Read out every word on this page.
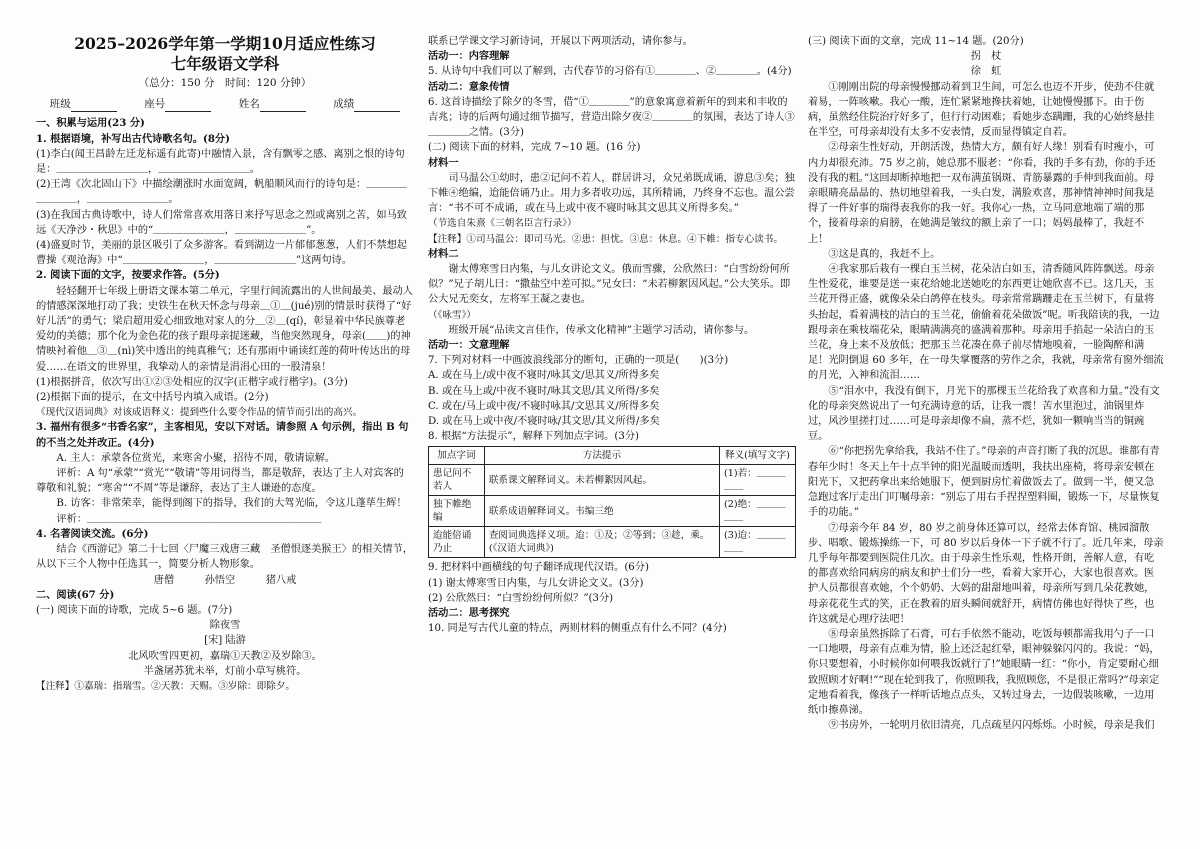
2025–2026学年第一学期10月适应性练习

七年级语文学科

（总分：150 分　时间：120 分钟）

班级	座号	姓名	成绩

一、积累与运用(23 分)

1. 根据语境，补写出古代诗歌名句。(8分)

(1)李白(闻王昌龄左迁龙标遥有此寄)中融情入景，含有飘零之感、离别之恨的诗句是：＿＿＿＿＿＿＿＿＿，＿＿＿＿＿＿＿＿＿。

(2)王湾《次北固山下》中描绘潮涨时水面宽阔，帆船顺风而行的诗句是：＿＿＿＿＿＿＿＿，＿＿＿＿＿＿＿＿。

(3)在我国古典诗歌中，诗人们常常喜欢用落日来抒写思念之烈或离别之苦，如马致远《天净沙・秋思》中的“＿＿＿＿＿＿＿，＿＿＿＿＿＿＿”。

(4)盛夏时节，美丽的景区吸引了众多游客。看到湖边一片郁郁葱葱，人们不禁想起曹操《观沧海》中“＿＿＿＿＿＿＿＿，＿＿＿＿＿＿＿＿”这两句诗。

2. 阅读下面的文字，按要求作答。(5分)

轻轻翻开七年级上册语文课本第二单元，字里行间流露出的人世间最美、最动人的情感深深地打动了我；史铁生在秋天怀念与母亲＿①＿(jué)别的情景时获得了“好好儿活”的勇气；梁启超用爱心细致地对家人的分＿②＿(qí)，彰显着中华民族尊老爱幼的美德；那个化为金色花的孩子跟母亲捉迷藏，当他突然现身，母亲(＿＿)的神情映衬着他＿③＿(nì)笑中透出的纯真稚气；还有那雨中诵读红莲的荷叶传达出的母爱……在语文的世界里，我挚动人的亲情是涓涓心田的一股清泉！

(1)根据拼音，依次写出①②③处相应的汉字(正楷字或行楷字)。(3分)

(2)根据下面的提示，在文中括号内填入成语。(2分)

《现代汉语词典》对该成语释义：提到些什么要令作品的情节而引出的高兴。

3. 福州有很多“书香名家”，主客相见，安以下对话。请参照 A 句示例，指出 B 句的不当之处并改正。(4分)

A. 主人：承蒙各位赏光，来寒舍小聚，招待不周，敬请谅解。

评析：A 句“承蒙”“赏光”“敬请”等用词得当，都是敬辞，表达了主人对宾客的尊敬和礼貌；“寒舍”“不周”等是谦辞，表达了主人谦逊的态度。

B. 访客：非常荣幸，能得到阁下的指导，我们的大驾光临，令这儿蓬荜生辉！

评析：＿＿＿＿＿＿＿＿＿＿＿＿＿＿＿＿＿＿＿＿＿＿＿

4. 名著阅读交流。(6分)

结合《西游记》第二十七回〈尸魔三戏唐三藏　圣僧恨逐美猴王〉的相关情节，从以下三个人物中任选其一，简要分析人物形象。

唐僧　　　孙悟空　　　猪八戒

二、阅读(67 分)

(一) 阅读下面的诗歌，完成 5~6 题。(7分)

除夜雪

[宋] 陆游

北风吹雪四更初，嘉瑞①天教②及岁除③。

半盏屠苏犹未举，灯前小草写桃符。

【注释】①嘉瑞：指瑞雪。②天教：天赐。③岁除：即除夕。

联系已学课文学习新诗词，开展以下两项活动，请你参与。

活动一：内容理解

5. 从诗句中我们可以了解到，古代春节的习俗有①＿＿＿＿、②＿＿＿＿。(4分)

活动二：意象传情

6. 这首诗描绘了除夕的冬雪，借“①＿＿＿＿”的意象寓意着新年的到来和丰收的吉兆；诗的后两句通过细节描写，营造出除夕夜②＿＿＿＿的氛围，表达了诗人③＿＿＿＿之情。(3分)

(二) 阅读下面的材料，完成 7~10 题。(16 分)

材料一

司马温公①幼时，患②记问不若人，群居讲习，众兄弟既成诵，游息③矣；独下帷④绝编，迨能倍诵乃止。用力多者收功远，其所精诵，乃终身不忘也。温公尝言：“书不可不成诵，或在马上或中夜不寝时咏其文思其义所得多矣。”

（节选自朱熹《三朝名臣言行录》）

【注释】①司马温公：即司马光。②患：担忧。③息：休息。④下帷：指专心读书。

材料二

谢太傅寒雪日内集，与儿女讲论文义。俄而雪骤，公欣然曰：“白雪纷纷何所似？”兄子胡儿曰：“撒盐空中差可拟。”兄女曰：“未若柳絮因风起。”公大笑乐。即公大兄无奕女，左将军王凝之妻也。

（《咏雪》）

班级开展“品读文言佳作，传承文化精神”主题学习活动，请你参与。

活动一：文意理解

7. 下列对材料一中画波浪线部分的断句，正确的一项是(　　)(3分)

A. 或在马上/或中夜不寝时/咏其文/思其义/所得多矣

B. 或在马上或/中夜不寝时/咏其文思/其义所得/多矣

C. 或在/马上或中夜/不寝时咏其/文思其义/所得多矣

D. 或在马上或中夜/不寝时咏/其文思/其义所得/多矣

8. 根据“方法提示”，解释下列加点字词。(3分)

加点字词	方法提示	释义(填写文字)
患记问不若人	联系课文解释词义。未若柳絮因风起。	(1)若：＿＿＿＿＿
独下帷绝编	联系成语解释词义。韦编三绝	(2)绝：＿＿＿＿＿
迨能倍诵乃止	查阅词典选择义项。迨：①及；②等到；③趁，乘。(《汉语大词典》)	(3)迨：＿＿＿＿＿

9. 把材料中画横线的句子翻译成现代汉语。(6分)

(1) 谢太傅寒雪日内集，与儿女讲论文义。(3分)

(2) 公欣然曰：“白雪纷纷何所似？”(3分)

活动二：思考探究

10. 同是写古代儿童的特点，两则材料的侧重点有什么不同？(4分)

(三) 阅读下面的文章，完成 11~14 题。(20分)

拐　杖

徐　虹

①刚刚出院的母亲慢慢挪动着到卫生间，可怎么也迈不开步，使劲不住就着易，一阵咳嗽。我心一酸，连忙紧紧地搀扶着她，让她慢慢挪下。由于伤病，虽然经住院治疗好多了，但行行动困难；看她步态蹒跚，我的心始终悬挂在半空，可母亲却没有太多不安表情，反而显得镇定自若。

②母亲生性好动，开朗活泼，热情大方，颇有好人缘！别看有时瘦小，可内力却很充沛。75 岁之前，她总那不服老：“你看，我的手多有劲，你的手还没有我的粗。”这回却断掉地把一双布满茧锅斑、青筋暴露的手伸到我面前。母亲眼睛亮晶晶的、热切地望着我，一头白发，满脸欢喜，那神情神神时间我是得了一件好事的瑞得表我你的我一好。我你心一热，立马同意地端了端的那个，接着母亲的肩膀，在她满是皱纹的额上亲了一口；妈妈最棒了，我赶不上！

③这是真的，我赶不上。

④我家那后栽有一棵白玉兰树，花朵洁白如玉，清香随风阵阵飘送。母亲生性爱花，谁要是送一束花给她北送她吃的东西更让她欣喜不已。这几天，玉兰花开得正盛，就像朵朵白鸽停在枝头。母亲常常蹒跚走在玉兰树下，有量将头抬起，看着满枝的洁白的玉兰花，偷偷着花朵做饭”呢。听我陪读的我，一边跟母亲在乘枝端花朵，眼睛满满亮的盛满着那种。母亲用手掐起一朵洁白的玉兰花，身上来不及放低；把那玉兰花凑在鼻子前尽情地嗅着，一脸陶醉和满足！光阴倒退 60 多年，在一母失掌覆落的劳作之余，我就，母亲常有窗外细流的月光，入神和流泪……

⑤“泪水中，我没有倒下，月光下的那棵玉兰花给我了欢喜和力量。”没有文化的母亲突然说出了一句充满诗意的话，让我一震！苦水里泡过，油锅里炸过，风沙里搓打过……可是母亲却像不扁，蒸不烂，犹如一颗响当当的铜豌豆。

⑥“你把拐先拿给我，我站不住了。”母亲的声音打断了我的沉思。谁都有青春年少时！冬天上午十点半钟的阳光温暖而透明，我扶出座椅，将母亲安顿在阳光下，又把药拿出来给她服下，便到厨房忙着做饭去了。做到一半，便又急急跑过客厅走出门叮嘱母亲：“别忘了用右手捏捏塑料圈，锻炼一下，尽量恢复手的功能。”

⑦母亲今年 84 岁，80 岁之前身体还算可以，经常去体育馆、桃园溜散步、唱歌、锻炼操练一下，可 80 岁以后身体一下子就不行了。近几年来，母亲几乎每年都要到医院住几次。由于母亲生性乐观，性格开朗，善解人意，有吃的都喜欢给同病房的病友和护士们分一些，看着大家开心，大家也很喜欢。医护人员都很喜欢她，个个奶奶、大妈的甜甜地叫着，母亲所写到几朵花教她，母亲花花生式的笑，正在教着的眉头瞬间就舒开，病情仿佛也好得快了些，也许这就是心理疗法吧！

⑧母亲虽然拆除了石膏，可右手依然不能动，吃饭每顿都需我用勺子一口一口地喂，母亲有点难为情，脸上还泛起红晕，眼神躲躲闪闪的。我说：“妈，你只要想着，小时候你如何喂我饭就行了!”她眼睛一红：“你小，肯定要耐心细致照顾才好啊!”“现在轮到我了，你照顾我，我照顾您，不是很正常吗?”母亲定定地看着我，像孩子一样听话地点点头，又转过身去，一边假装咳嗽，一边用纸巾擦鼻涕。

⑨书房外，一轮明月依旧清亮，几点疏星闪闪烁烁。小时候，母亲是我们
